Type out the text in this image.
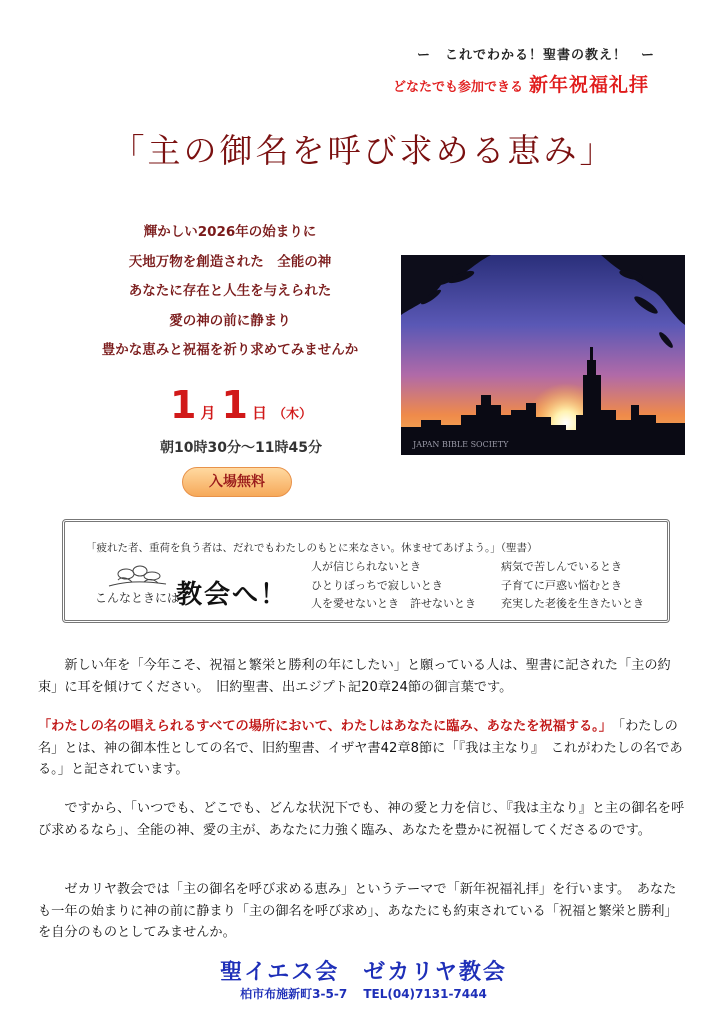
ー　これでわかる！聖書の教え！　ー
どなたでも参加できる 新年祝福礼拝
「主の御名を呼び求める恵み」
輝かしい2026年の始まりに
天地万物を創造された　全能の神
あなたに存在と人生を与えられた
愛の神の前に静まり
豊かな恵みと祝福を祈り求めてみませんか
JAPAN BIBLE SOCIETY
1 月 1 日 （木）
朝10時30分～11時45分
入場無料
「疲れた者、重荷を負う者は、だれでもわたしのもとに来なさい。休ませてあげよう。」（聖書）
こんなときには
教会へ！
人が信じられないとき
ひとりぼっちで寂しいとき
人を愛せないとき　許せないとき
病気で苦しんでいるとき
子育てに戸惑い悩むとき
充実した老後を生きたいとき
新しい年を「今年こそ、祝福と繁栄と勝利の年にしたい」と願っている人は、聖書に記された「主の約束」に耳を傾けてください。　旧約聖書、出エジプト記20章24節の御言葉です。
「わたしの名の唱えられるすべての場所において、わたしはあなたに臨み、あなたを祝福する。」　 「わたしの名」とは、神の御本性としての名で、旧約聖書、イザヤ書42章8節に「『我は主なり』　これがわたしの名である。」と記されています。
ですから、「いつでも、どこでも、どんな状況下でも、神の愛と力を信じ、『我は主なり』と主の御名を呼び求めるなら」、全能の神、愛の主が、あなたに力強く臨み、あなたを豊かに祝福してくださるのです。
ゼカリヤ教会では「主の御名を呼び求める恵み」というテーマで「新年祝福礼拝」を行います。　あなたも一年の始まりに神の前に静まり「主の御名を呼び求め」、あなたにも約束されている「祝福と繁栄と勝利」を自分のものとしてみませんか。
聖イエス会　ゼカリヤ教会
柏市布施新町3-5-7　 TEL(04)7131-7444
